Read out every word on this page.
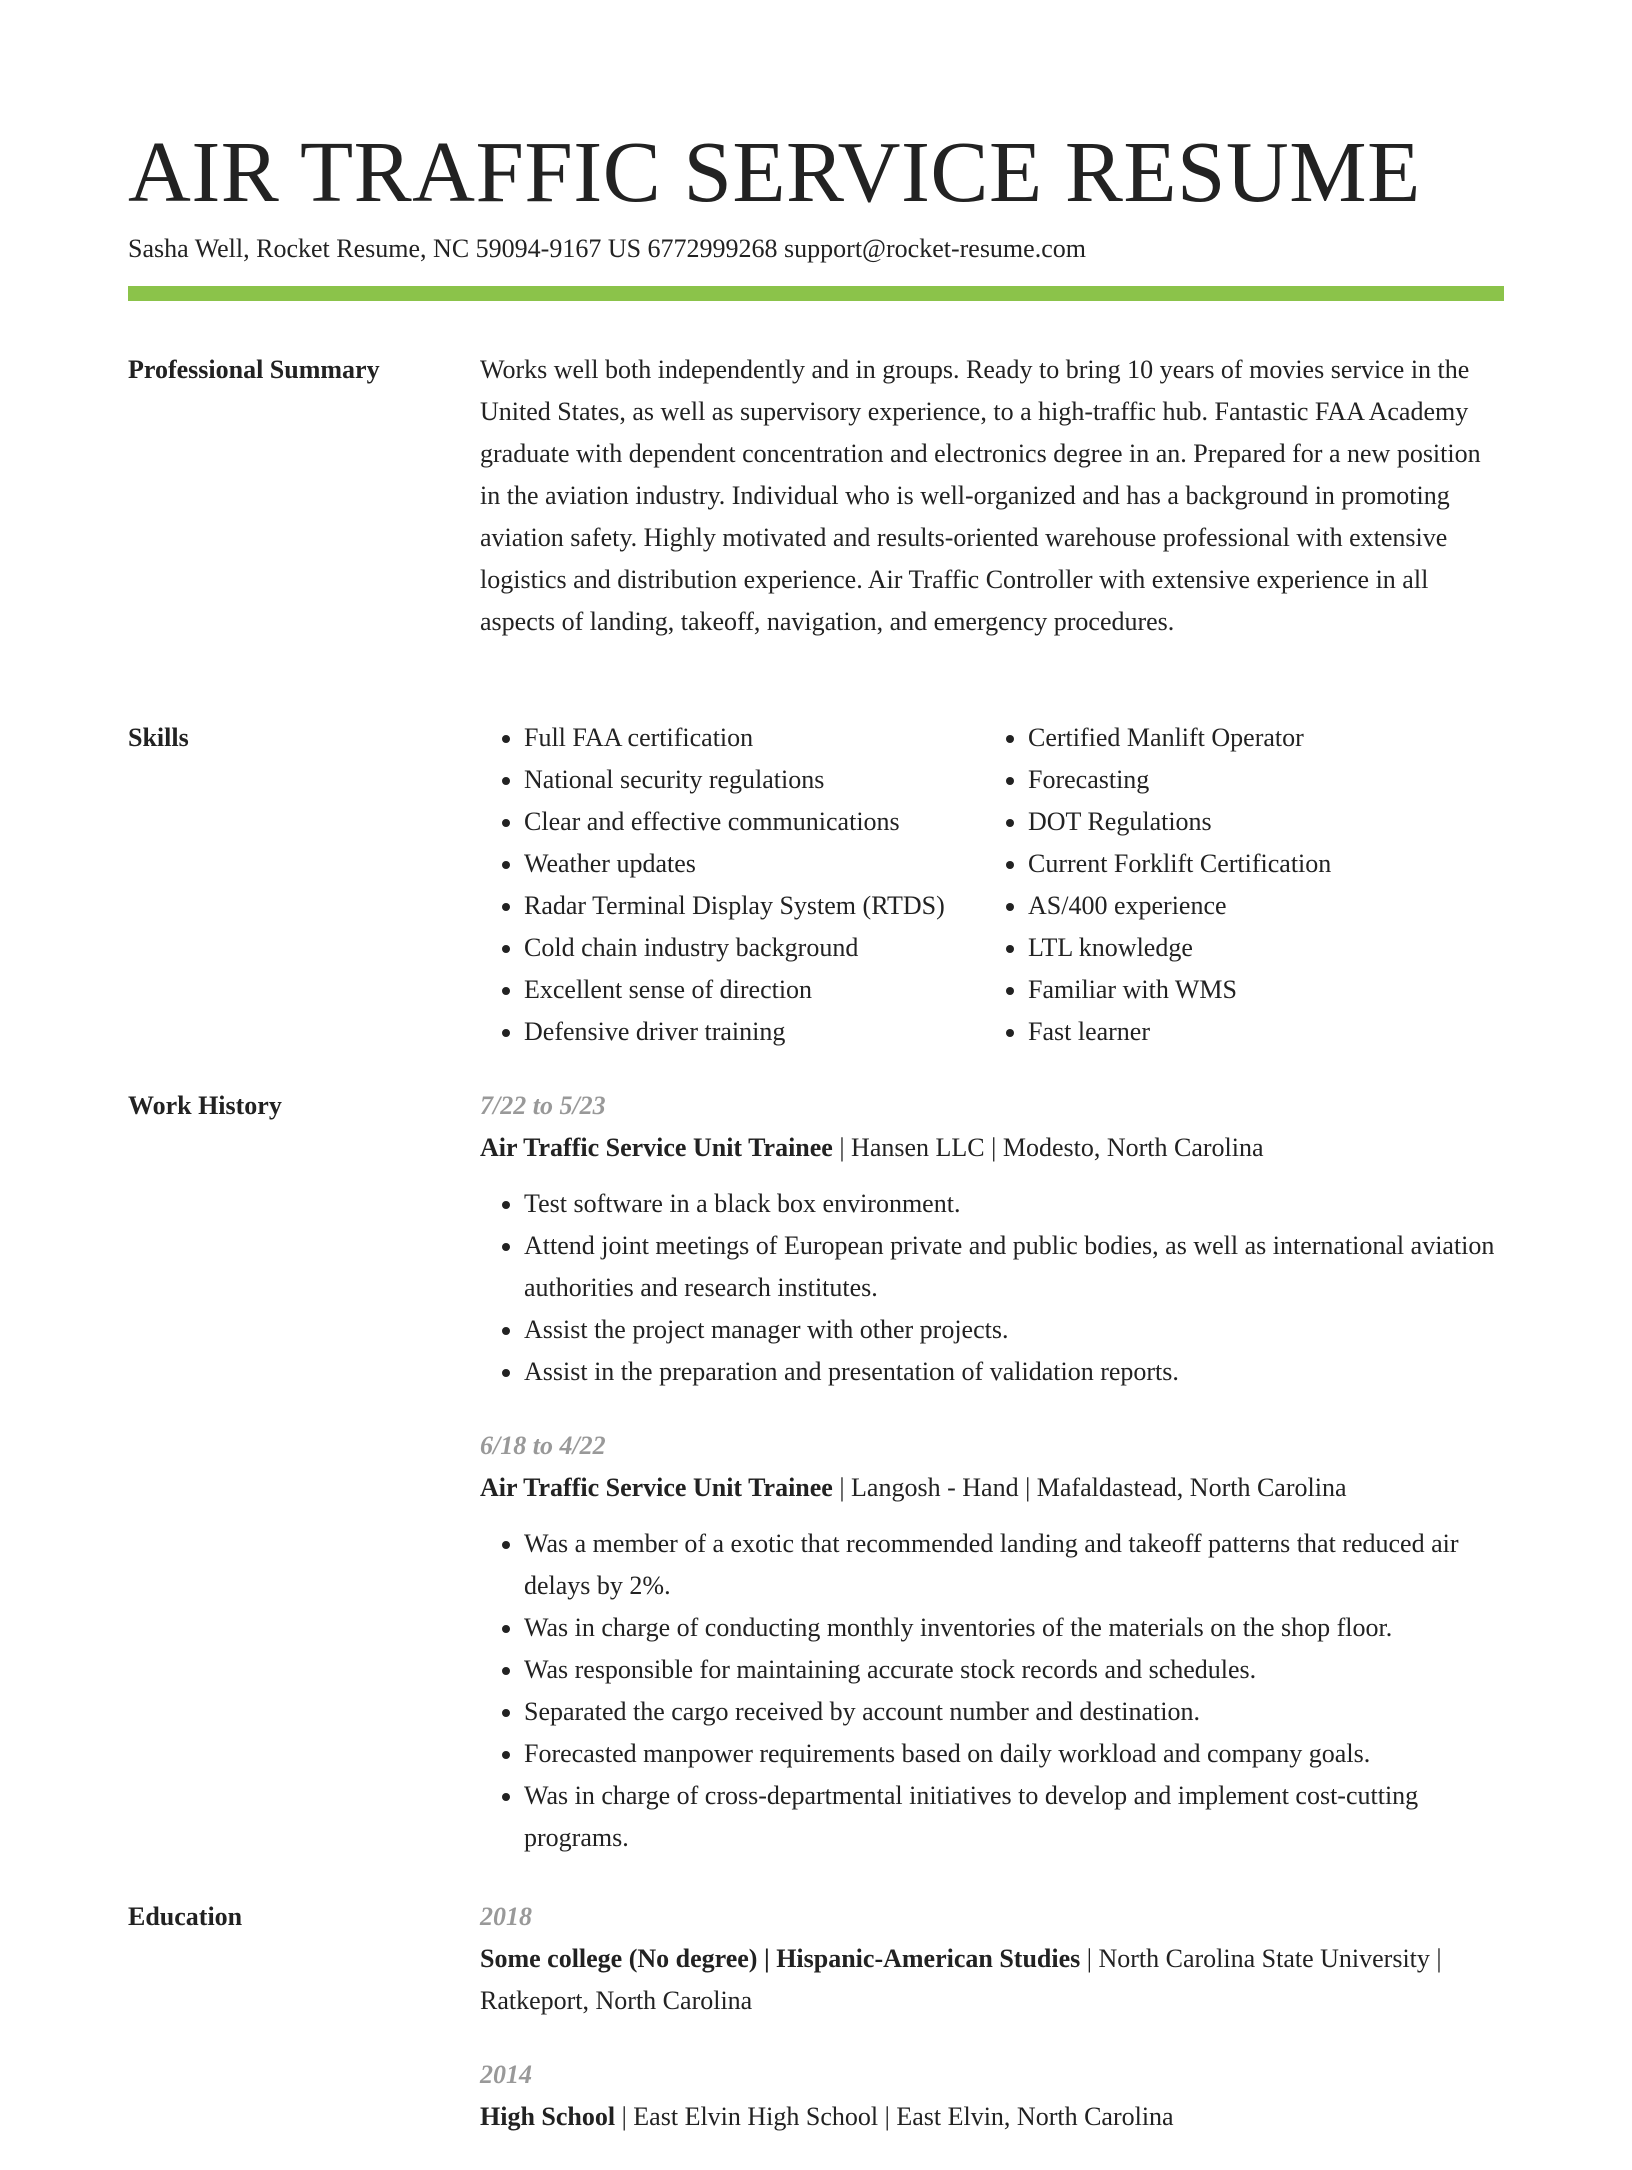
AIR TRAFFIC SERVICE RESUME
Sasha Well, Rocket Resume, NC 59094-9167 US 6772999268 support@rocket-resume.com
Professional Summary	Works well both independently and in groups. Ready to bring 10 years of movies service in the United States, as well as supervisory experience, to a high-traffic hub. Fantastic FAA Academy graduate with dependent concentration and electronics degree in an. Prepared for a new position in the aviation industry. Individual who is well-organized and has a background in promoting aviation safety. Highly motivated and results-oriented warehouse professional with extensive logistics and distribution experience. Air Traffic Controller with extensive experience in all aspects of landing, takeoff, navigation, and emergency procedures.

Skills
•	Full FAA certification
• National security regulations
• Clear and effective communications
• Weather updates
• Radar Terminal Display System (RTDS)
• Cold chain industry background
• Excellent sense of direction
• Defensive driver training
• Certified Manlift Operator
• Forecasting
• DOT Regulations
• Current Forklift Certification
• AS/400 experience
• LTL knowledge
• Familiar with WMS
• Fast learner
Work History	7/22 to 5/23
Air Traffic Service Unit Trainee | Hansen LLC | Modesto, North Carolina
• Test software in a black box environment.
• Attend joint meetings of European private and public bodies, as well as international aviation authorities and research institutes.
• Assist the project manager with other projects.
• Assist in the preparation and presentation of validation reports.
6/18 to 4/22
Air Traffic Service Unit Trainee | Langosh - Hand | Mafaldastead, North Carolina
• Was a member of a exotic that recommended landing and takeoff patterns that reduced air delays by 2%.
• Was in charge of conducting monthly inventories of the materials on the shop floor.
• Was responsible for maintaining accurate stock records and schedules.
• Separated the cargo received by account number and destination.
• Forecasted manpower requirements based on daily workload and company goals.
• Was in charge of cross-departmental initiatives to develop and implement cost-cutting programs.
Education	2018
Some college (No degree) | Hispanic-American Studies | North Carolina State University | Ratkeport, North Carolina
2014
High School | East Elvin High School | East Elvin, North Carolina
